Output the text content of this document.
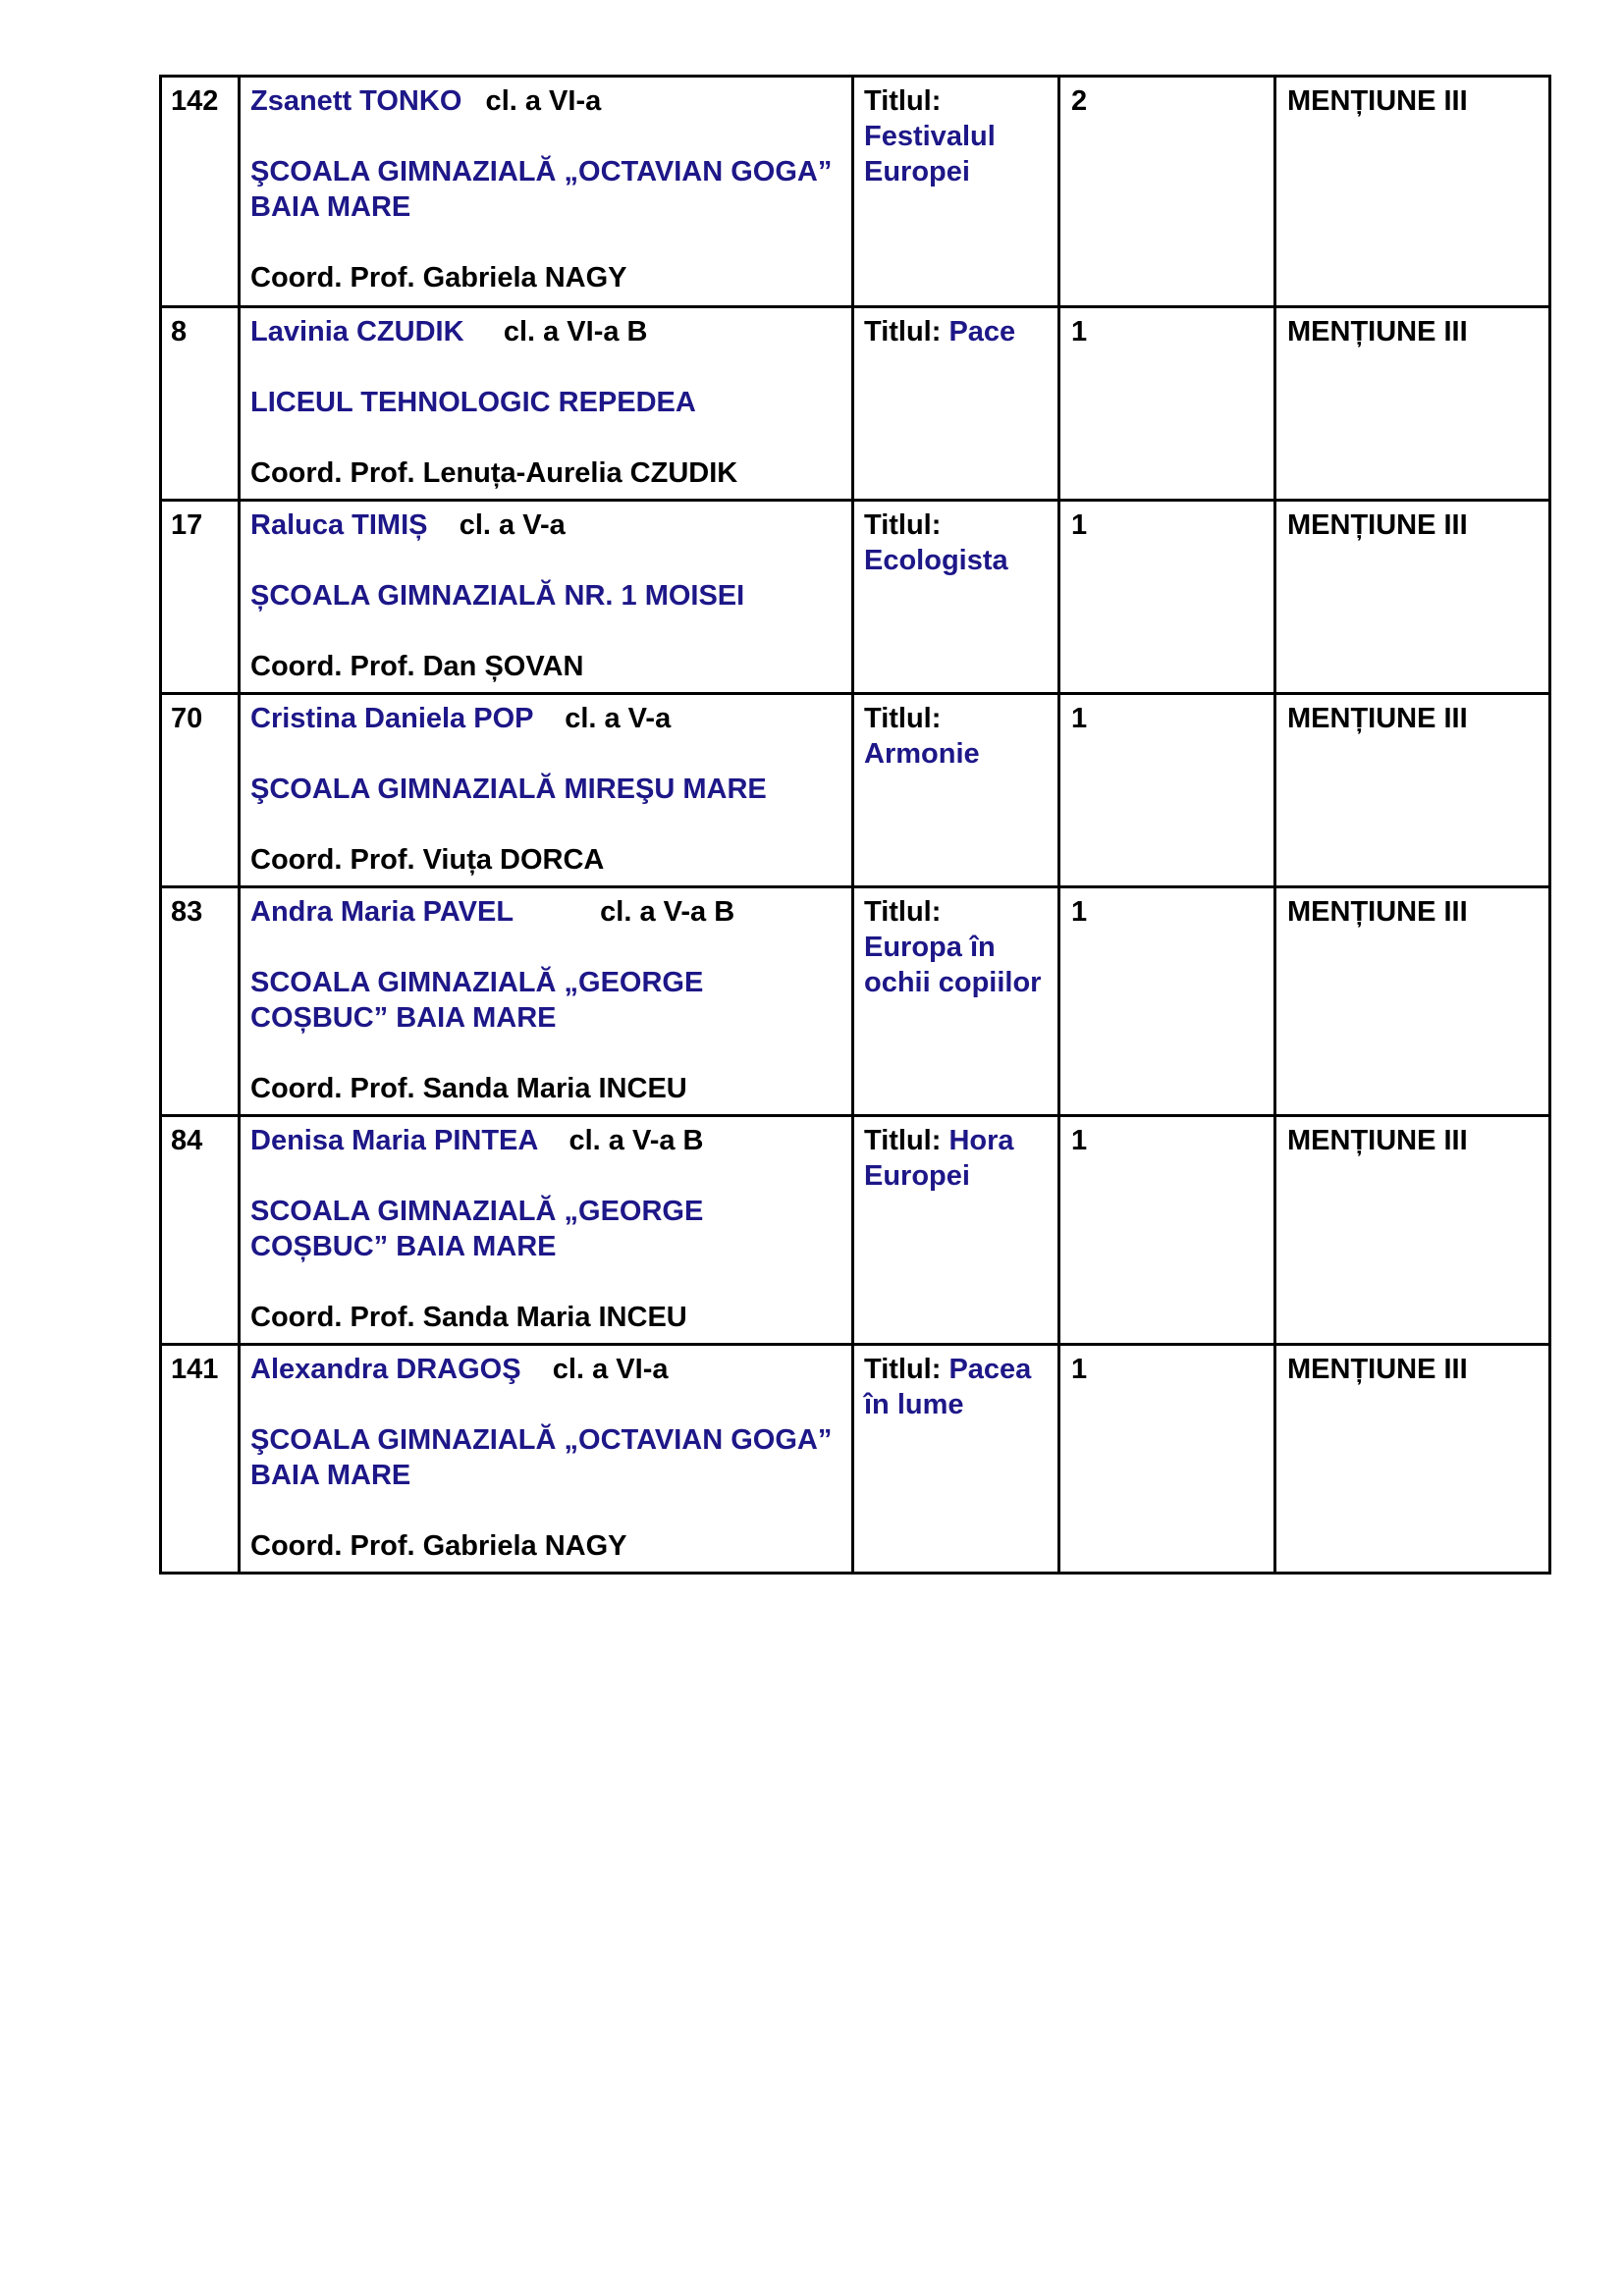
142	Zsanett TONKO   cl. a VI-a

ŞCOALA GIMNAZIALĂ „OCTAVIAN GOGA”
BAIA MARE

Coord. Prof. Gabriela NAGY

	Titlul:
Festivalul
Europei
	2	MENȚIUNE III
8	Lavinia CZUDIK     cl. a VI-a B

LICEUL TEHNOLOGIC REPEDEA

Coord. Prof. Lenuța-Aurelia CZUDIK	Titlul: Pace	1	MENȚIUNE III
17	Raluca TIMIȘ    cl. a V-a

ȘCOALA GIMNAZIALĂ NR. 1 MOISEI

Coord. Prof. Dan ȘOVAN

	Titlul:
Ecologista
	1	MENȚIUNE III
70	Cristina Daniela POP    cl. a V-a

ŞCOALA GIMNAZIALĂ MIREŞU MARE

Coord. Prof. Viuța DORCA

	Titlul:
Armonie
	1	MENȚIUNE III
83	Andra Maria PAVEL           cl. a V-a B

SCOALA GIMNAZIALĂ „GEORGE
COȘBUC” BAIA MARE

Coord. Prof. Sanda Maria INCEU

	Titlul:
Europa în
ochii copiilor
	1	MENȚIUNE III
84	Denisa Maria PINTEA    cl. a V-a B

SCOALA GIMNAZIALĂ „GEORGE
COȘBUC” BAIA MARE

Coord. Prof. Sanda Maria INCEU

	Titlul: Hora
Europei
	1	MENȚIUNE III
141	Alexandra DRAGOŞ    cl. a VI-a

ŞCOALA GIMNAZIALĂ „OCTAVIAN GOGA”
BAIA MARE

Coord. Prof. Gabriela NAGY

	Titlul: Pacea
în lume
	1	MENȚIUNE III
